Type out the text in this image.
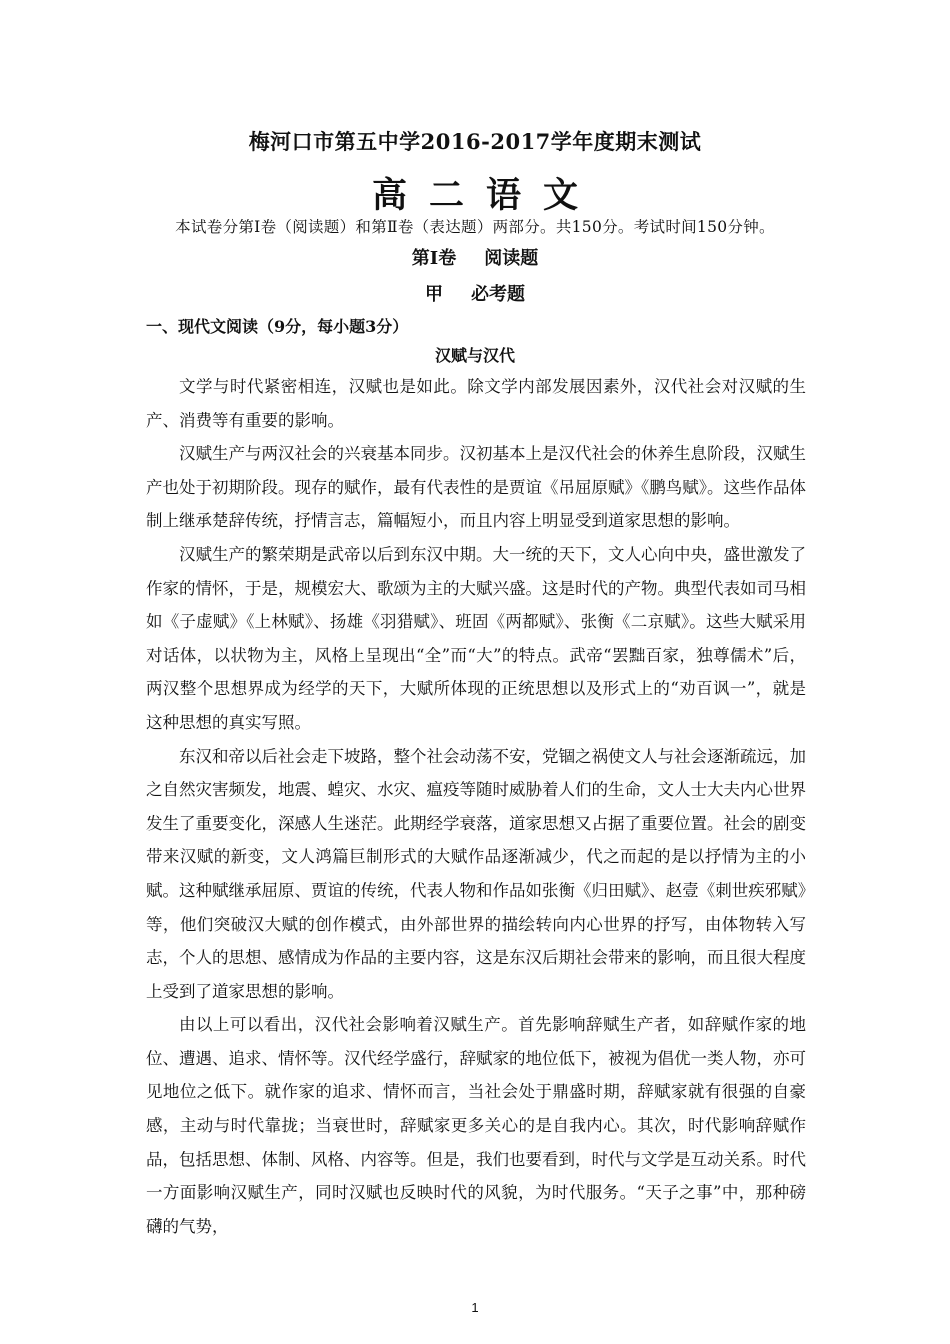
梅河口市第五中学2016-2017学年度期末测试
高二语文
本试卷分第Ⅰ卷（阅读题）和第Ⅱ卷（表达题）两部分。共150分。考试时间150分钟。
第Ⅰ卷 阅读题
甲 必考题
一、现代文阅读（9分，每小题3分）
汉赋与汉代

文学与时代紧密相连，汉赋也是如此。除文学内部发展因素外，汉代社会对汉赋的生产、消费等有重要的影响。

汉赋生产与两汉社会的兴衰基本同步。汉初基本上是汉代社会的休养生息阶段，汉赋生产也处于初期阶段。现存的赋作，最有代表性的是贾谊《吊屈原赋》《鹏鸟赋》。这些作品体制上继承楚辞传统，抒情言志，篇幅短小，而且内容上明显受到道家思想的影响。

汉赋生产的繁荣期是武帝以后到东汉中期。大一统的天下，文人心向中央，盛世激发了作家的情怀，于是，规模宏大、歌颂为主的大赋兴盛。这是时代的产物。典型代表如司马相如《子虚赋》《上林赋》、扬雄《羽猎赋》、班固《两都赋》、张衡《二京赋》。这些大赋采用对话体，以状物为主，风格上呈现出“全”而“大”的特点。武帝“罢黜百家，独尊儒术”后，两汉整个思想界成为经学的天下，大赋所体现的正统思想以及形式上的“劝百讽一”，就是这种思想的真实写照。

东汉和帝以后社会走下坡路，整个社会动荡不安，党锢之祸使文人与社会逐渐疏远，加之自然灾害频发，地震、蝗灾、水灾、瘟疫等随时威胁着人们的生命，文人士大夫内心世界发生了重要变化，深感人生迷茫。此期经学衰落，道家思想又占据了重要位置。社会的剧变带来汉赋的新变，文人鸿篇巨制形式的大赋作品逐渐减少，代之而起的是以抒情为主的小赋。这种赋继承屈原、贾谊的传统，代表人物和作品如张衡《归田赋》、赵壹《刺世疾邪赋》等，他们突破汉大赋的创作模式，由外部世界的描绘转向内心世界的抒写，由体物转入写志，个人的思想、感情成为作品的主要内容，这是东汉后期社会带来的影响，而且很大程度上受到了道家思想的影响。

由以上可以看出，汉代社会影响着汉赋生产。首先影响辞赋生产者，如辞赋作家的地位、遭遇、追求、情怀等。汉代经学盛行，辞赋家的地位低下，被视为倡优一类人物，亦可见地位之低下。就作家的追求、情怀而言，当社会处于鼎盛时期，辞赋家就有很强的自豪感，主动与时代靠拢；当衰世时，辞赋家更多关心的是自我内心。其次，时代影响辞赋作品，包括思想、体制、风格、内容等。但是，我们也要看到，时代与文学是互动关系。时代一方面影响汉赋生产，同时汉赋也反映时代的风貌，为时代服务。“天子之事”中，那种磅礴的气势，

1
